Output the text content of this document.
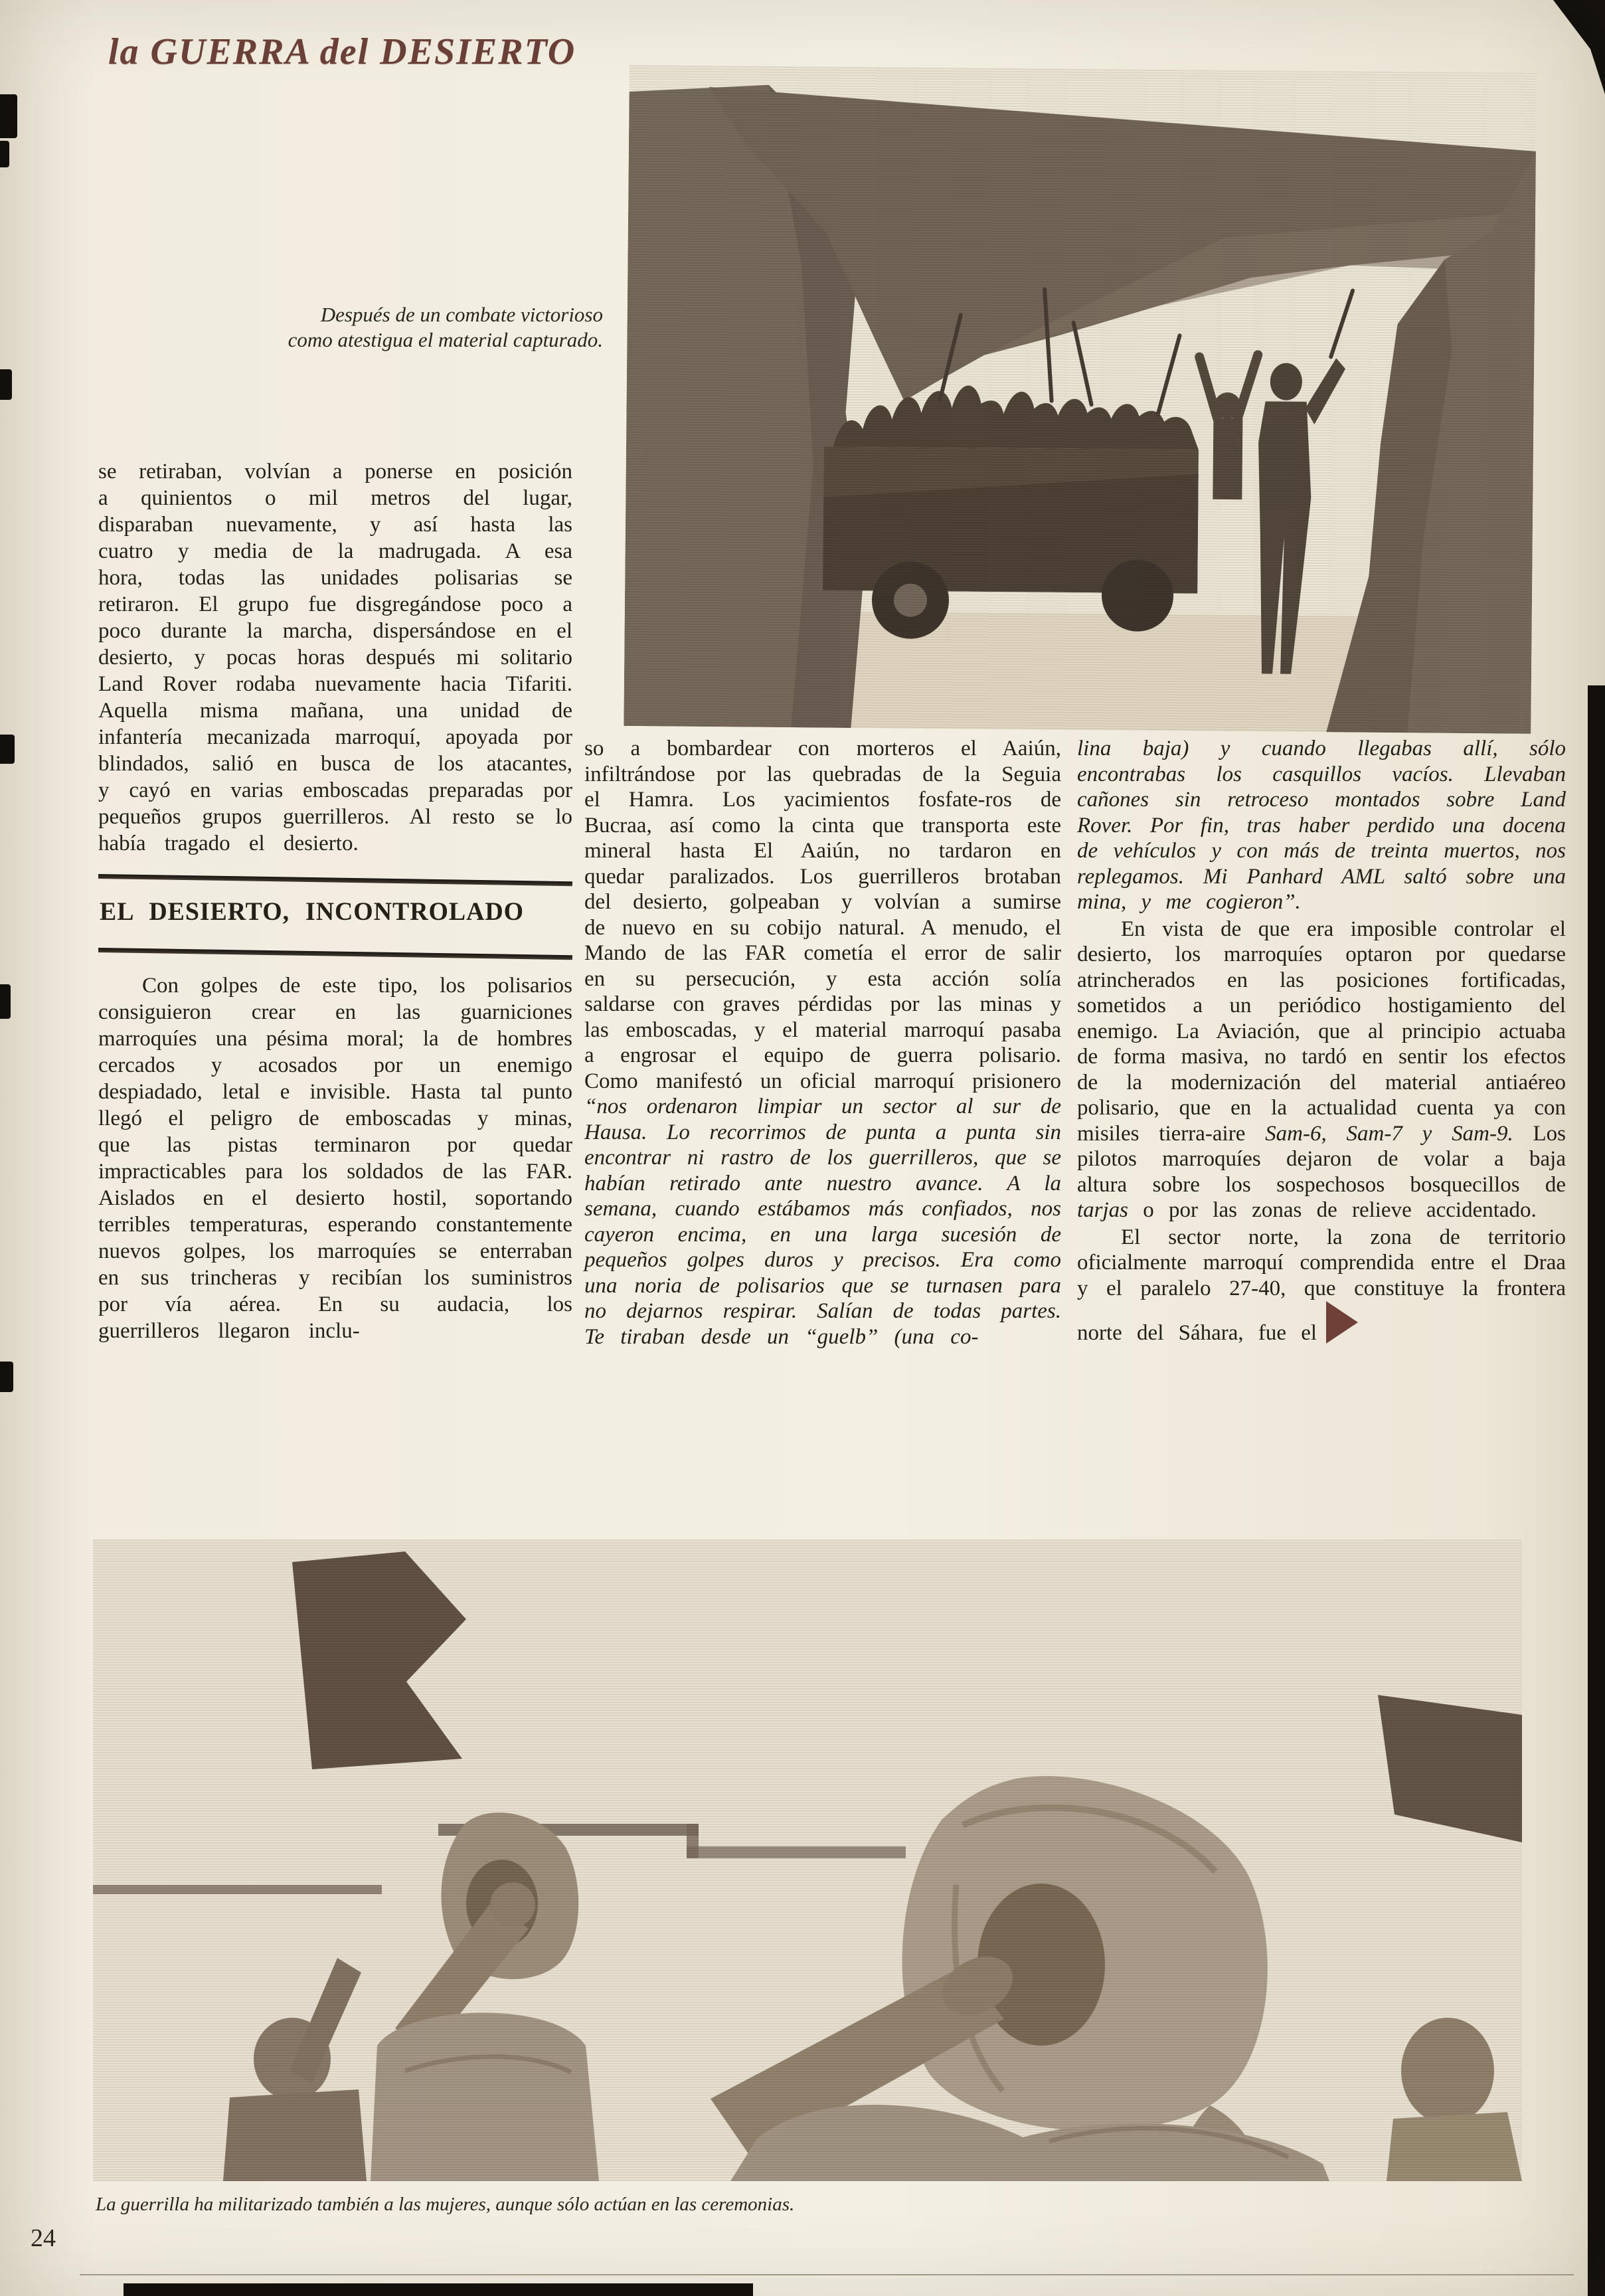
la GUERRA del DESIERTO
Después de un combate victorioso como atestigua el material capturado.

se retiraban, volvían a ponerse en posición a quinientos o mil metros del lugar, disparaban nuevamente, y así hasta las cuatro y media de la madrugada. A esa hora, todas las unidades polisarias se retiraron. El grupo fue disgregándose poco a poco durante la marcha, dispersándose en el desierto, y pocas horas después mi solitario Land Rover rodaba nuevamente hacia Tifariti. Aquella misma mañana, una unidad de infantería mecanizada marroquí, apoyada por blindados, salió en busca de los atacantes, y cayó en varias emboscadas preparadas por pequeños grupos guerrilleros. Al resto se lo había tragado el desierto.

EL DESIERTO, INCONTROLADO

Con golpes de este tipo, los polisarios consiguieron crear en las guarniciones marroquíes una pésima moral; la de hombres cercados y acosados por un enemigo despiadado, letal e invisible. Hasta tal punto llegó el peligro de emboscadas y minas, que las pistas terminaron por quedar impracticables para los soldados de las FAR. Aislados en el desierto hostil, soportando terribles temperaturas, esperando constantemente nuevos golpes, los marroquíes se enterraban en sus trincheras y recibían los suministros por vía aérea. En su audacia, los guerrilleros llegaron inclu-

so a bombardear con morteros el Aaiún, infiltrándose por las quebradas de la Seguia el Hamra. Los yacimientos fosfate-ros de Bucraa, así como la cinta que transporta este mineral hasta El Aaiún, no tardaron en quedar paralizados. Los guerrilleros brotaban del desierto, golpeaban y volvían a sumirse de nuevo en su cobijo natural. A menudo, el Mando de las FAR cometía el error de salir en su persecución, y esta acción solía saldarse con graves pérdidas por las minas y las emboscadas, y el material marroquí pasaba a engrosar el equipo de guerra polisario. Como manifestó un oficial marroquí prisionero “nos ordenaron limpiar un sector al sur de Hausa. Lo recorrimos de punta a punta sin encontrar ni rastro de los guerrilleros, que se habían retirado ante nuestro avance. A la semana, cuando estábamos más confiados, nos cayeron encima, en una larga sucesión de pequeños golpes duros y precisos. Era como una noria de polisarios que se turnasen para no dejarnos respirar. Salían de todas partes. Te tiraban desde un “guelb” (una co-

lina baja) y cuando llegabas allí, sólo encontrabas los casquillos vacíos. Llevaban cañones sin retroceso montados sobre Land Rover. Por fin, tras haber perdido una docena de vehículos y con más de treinta muertos, nos replegamos. Mi Panhard AML saltó sobre una mina, y me cogieron”.

En vista de que era imposible controlar el desierto, los marroquíes optaron por quedarse atrincherados en las posiciones fortificadas, sometidos a un periódico hostigamiento del enemigo. La Aviación, que al principio actuaba de forma masiva, no tardó en sentir los efectos de la modernización del material antiaéreo polisario, que en la actualidad cuenta ya con misiles tierra-aire Sam-6, Sam-7 y Sam-9. Los pilotos marroquíes dejaron de volar a baja altura sobre los sospechosos bosquecillos de tarjas o por las zonas de relieve accidentado.

El sector norte, la zona de territorio oficialmente marroquí comprendida entre el Draa y el paralelo 27-40, que constituye la frontera norte del Sáhara, fue el

La guerrilla ha militarizado también a las mujeres, aunque sólo actúan en las ceremonias.
24
